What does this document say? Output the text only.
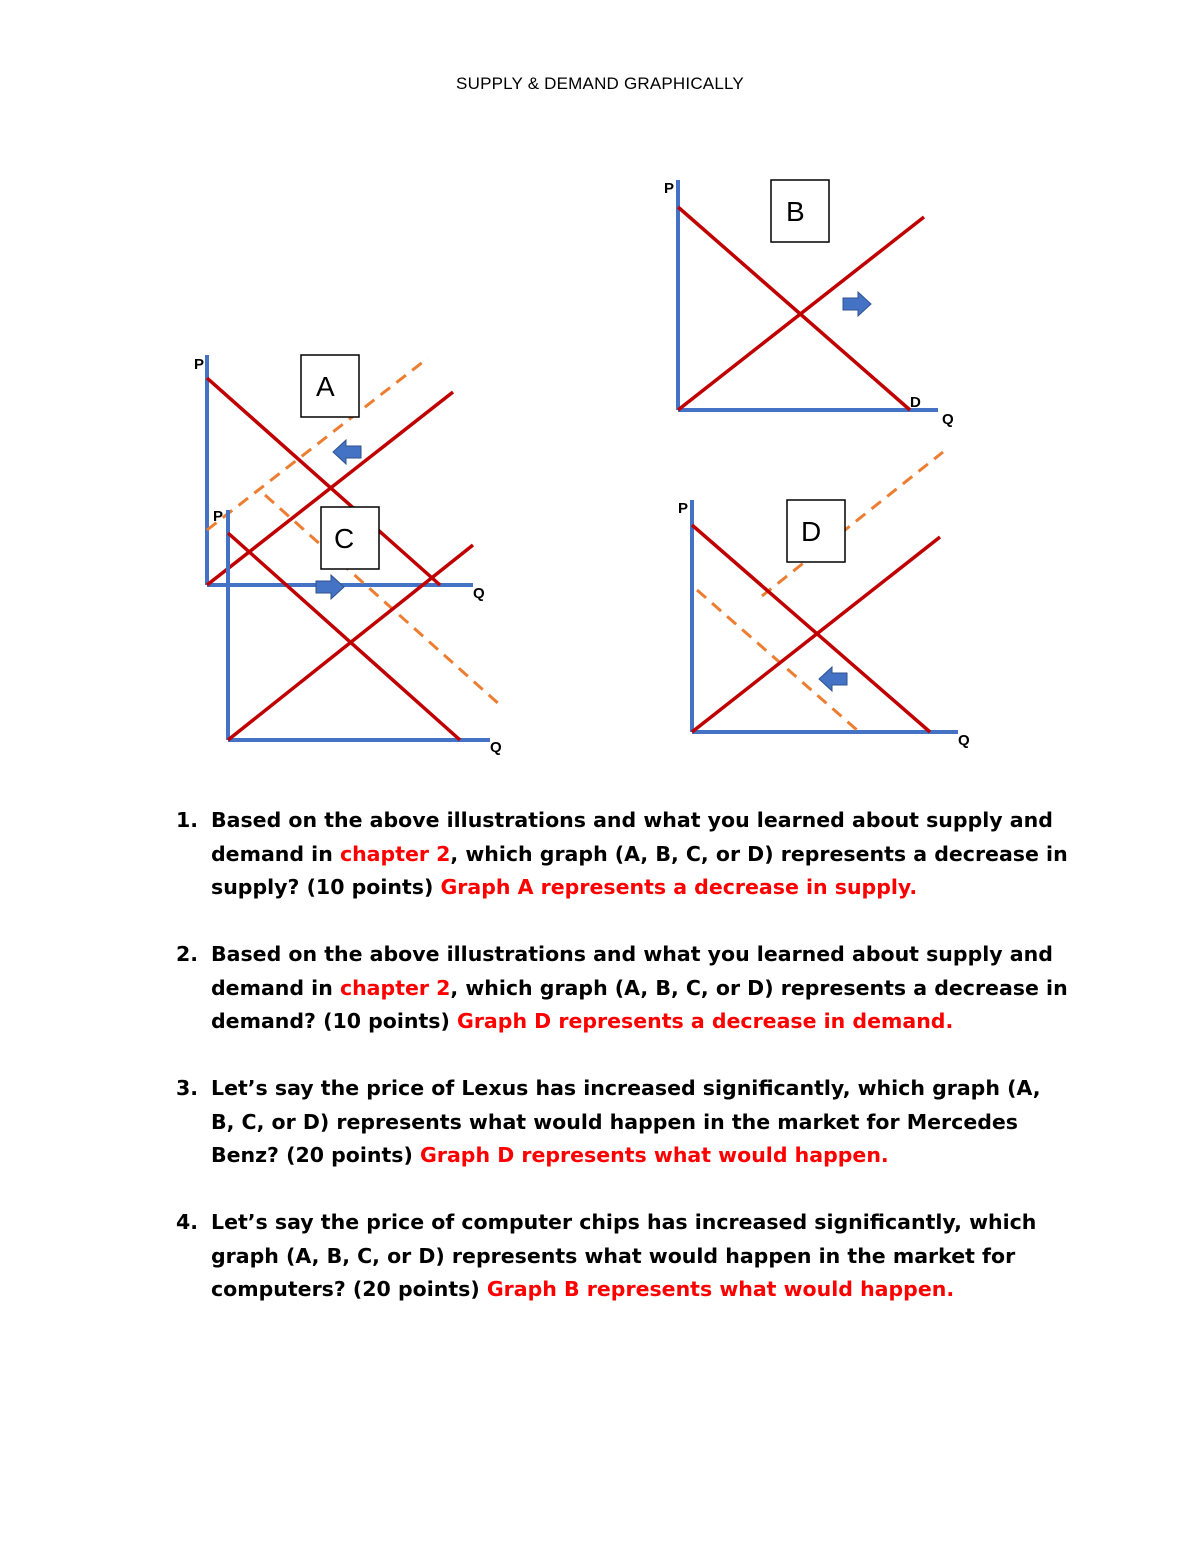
SUPPLY & DEMAND GRAPHICALLY
B
P
D
Q
A
P
Q
C
P
Q
D
P
Q
1. Based on the above illustrations and what you learned about supply and demand in chapter 2, which graph (A, B, C, or D) represents a decrease in supply? (10 points) Graph A represents a decrease in supply.
2. Based on the above illustrations and what you learned about supply and demand in chapter 2, which graph (A, B, C, or D) represents a decrease in demand? (10 points) Graph D represents a decrease in demand.
3. Let’s say the price of Lexus has increased significantly, which graph (A, B, C, or D) represents what would happen in the market for Mercedes Benz? (20 points) Graph D represents what would happen.
4. Let’s say the price of computer chips has increased significantly, which graph (A, B, C, or D) represents what would happen in the market for computers? (20 points) Graph B represents what would happen.
